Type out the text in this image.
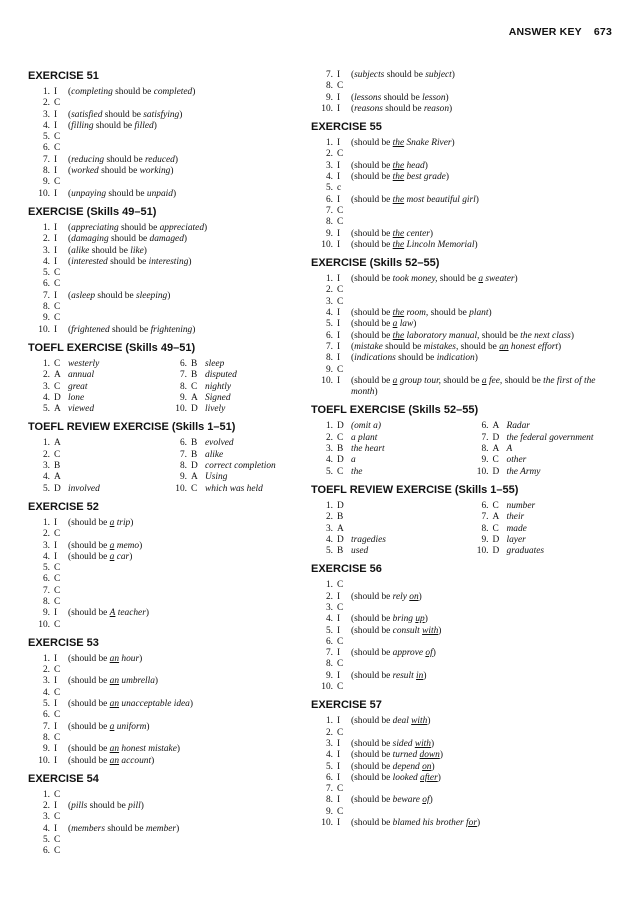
ANSWER KEY 673
EXERCISE 51
1. I	(completing should be completed)
2. C
3. I	(satisfied should be satisfying)
4. I	(filling should be filled)
5. C
6. C
7. I	(reducing should be reduced)
8. I	(worked should be working)
9. C
10. I	(unpaying should be unpaid)
EXERCISE (Skills 49–51)
1. I	(appreciating should be appreciated)
2. I	(damaging should be damaged)
3. I	(alike should be like)
4. I	(interested should be interesting)
5. C
6. C
7. I	(asleep should be sleeping)
8. C
9. C
10. I	(frightened should be frightening)
TOEFL EXERCISE (Skills 49–51)
1. C westerly	6. B sleep
2. A annual	7. B disputed
3. C great	8. C nightly
4. D lone	9. A Signed
5. A viewed	10. D lively
TOEFL REVIEW EXERCISE (Skills 1–51)
1. A	6. B evolved
2. C	7. B alike
3. B	8. D correct completion
4. A	9. A Using
5. D involved	10. C which was held
EXERCISE 52
1. I	(should be a trip)
2. C
3. I	(should be a memo)
4. I	(should be a car)
5. C
6. C
7. C
8. C
9. I	(should be A teacher)
10. C
EXERCISE 53
1. I	(should be an hour)
2. C
3. I	(should be an umbrella)
4. C
5. I	(should be an unacceptable idea)
6. C
7. I	(should be a uniform)
8. C
9. I	(should be an honest mistake)
10. I	(should be an account)
EXERCISE 54
1. C
2. I	(pills should be pill)
3. C
4. I	(members should be member)
5. C
6. C
7. I	(subjects should be subject)
8. C
9. I	(lessons should be lesson)
10. I	(reasons should be reason)
EXERCISE 55
1. I	(should be the Snake River)
2. C
3. I	(should be the head)
4. I	(should be the best grade)
5. c
6. I	(should be the most beautiful girl)
7. C
8. C
9. I	(should be the center)
10. I	(should be the Lincoln Memorial)
EXERCISE (Skills 52–55)
1. I	(should be took money, should be a sweater)
2. C
3. C
4. I	(should be the room, should be plant)
5. I	(should be a law)
6. I	(should be the laboratory manual, should be the next class)
7. I	(mistake should be mistakes, should be an honest effort)
8. I	(indications should be indication)
9. C
10. I	(should be a group tour, should be a fee, should be the first of the month)
TOEFL EXERCISE (Skills 52–55)
1. D (omit a)	6. A Radar
2. C a plant	7. D the federal government
3. B the heart	8. A A
4. D a	9. C other
5. C the	10. D the Army
TOEFL REVIEW EXERCISE (Skills 1–55)
1. D	6. C number
2. B	7. A their
3. A	8. C made
4. D tragedies	9. D layer
5. B used	10. D graduates
EXERCISE 56
1. C
2. I	(should be rely on)
3. C
4. I	(should be bring up)
5. I	(should be consult with)
6. C
7. I	(should be approve of)
8. C
9. I	(should be result in)
10. C
EXERCISE 57
1. I	(should be deal with)
2. C
3. I	(should be sided with)
4. I	(should be turned down)
5. I	(should be depend on)
6. I	(should be looked after)
7. C
8. I	(should be beware of)
9. C
10. I	(should be blamed his brother for)
